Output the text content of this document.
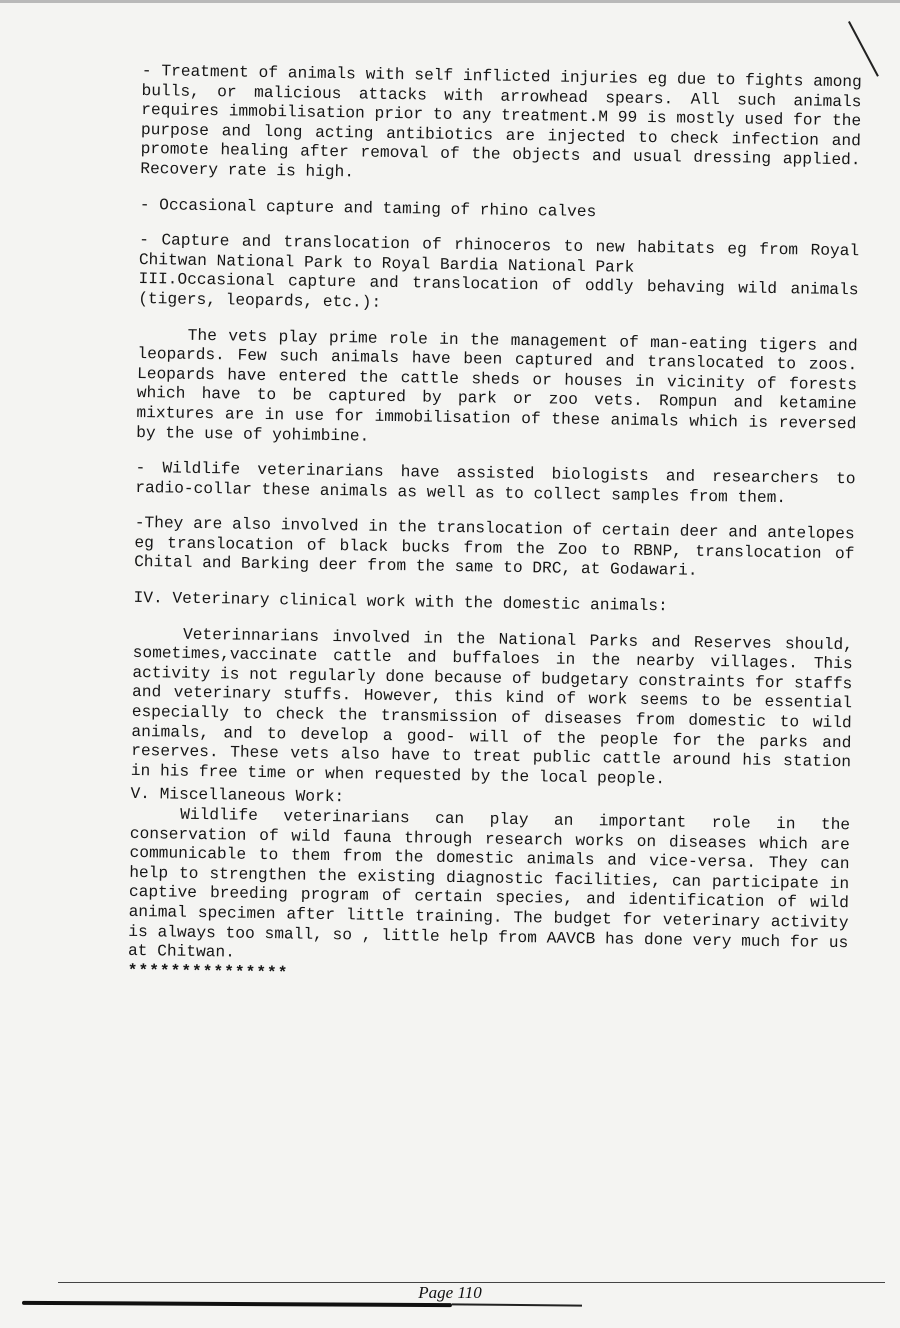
- Treatment of animals with self inflicted injuries eg due to fights among bulls, or malicious attacks with arrowhead spears. All such animals requires immobilisation prior to any treatment.M 99 is mostly used for the purpose and long acting antibiotics are injected to check infection and promote healing after removal of the objects and usual dressing applied. Recovery rate is high.

- Occasional capture and taming of rhino calves

- Capture and translocation of rhinoceros to new habitats eg from Royal Chitwan National Park to Royal Bardia National Park

III.Occasional capture and translocation of oddly behaving wild animals (tigers, leopards, etc.):

The vets play prime role in the management of man-eating tigers and leopards. Few such animals have been captured and translocated to zoos. Leopards have entered the cattle sheds or houses in vicinity of forests which have to be captured by park or zoo vets. Rompun and ketamine mixtures are in use for immobilisation of these animals which is reversed by the use of yohimbine.

- Wildlife veterinarians have assisted biologists and researchers to radio-collar these animals as well as to collect samples from them.

-They are also involved in the translocation of certain deer and antelopes eg translocation of black bucks from the Zoo to RBNP, translocation of Chital and Barking deer from the same to DRC, at Godawari.

IV. Veterinary clinical work with the domestic animals:

Veterinnarians involved in the National Parks and Reserves should, sometimes,vaccinate cattle and buffaloes in the nearby villages. This activity is not regularly done because of budgetary constraints for staffs and veterinary stuffs. However, this kind of work seems to be essential especially to check the transmission of diseases from domestic to wild animals, and to develop a good- will of the people for the parks and reserves. These vets also have to treat public cattle around his station in his free time or when requested by the local people.

V. Miscellaneous Work:

Wildlife veterinarians can play an important role in the conservation of wild fauna through research works on diseases which are communicable to them from the domestic animals and vice-versa. They can help to strengthen the existing diagnostic facilities, can participate in captive breeding program of certain species, and identification of wild animal specimen after little training. The budget for veterinary activity is always too small, so , little help from AAVCB has done very much for us at Chitwan.

***************

Page 110
